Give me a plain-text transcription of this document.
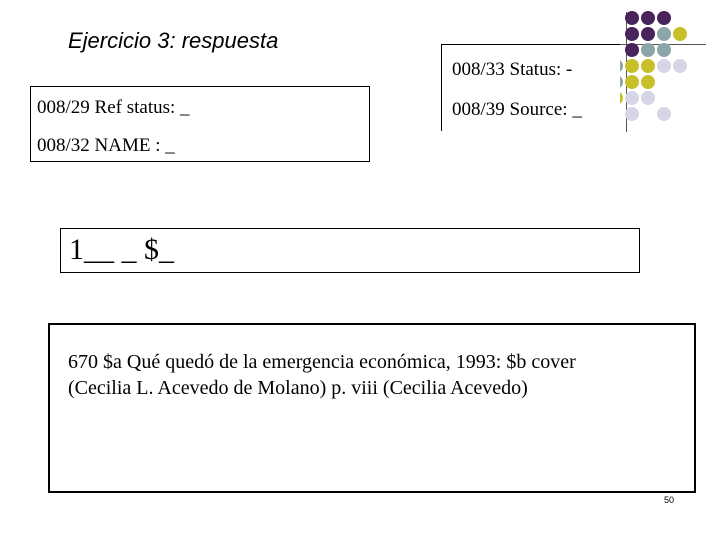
Ejercicio 3: respuesta
008/29 Ref status: _
008/32 NAME : _
008/33 Status: -
008/39 Source: _
1__ _ $_

670 $a Qué quedó de la emergencia económica, 1993: $b cover (Cecilia L. Acevedo de Molano) p. viii (Cecilia Acevedo)

50
